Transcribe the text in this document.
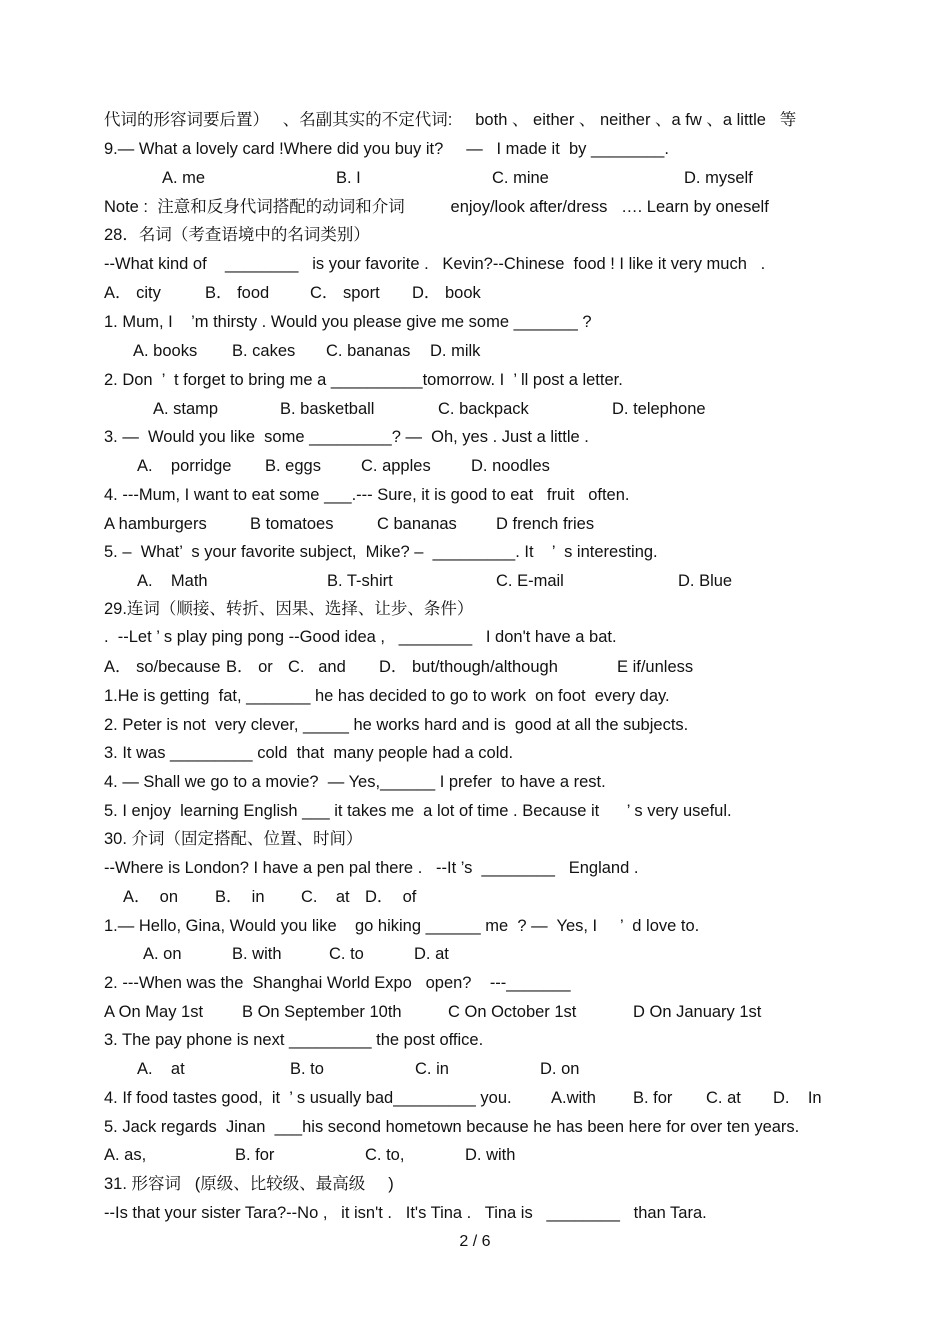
代词的形容词要后置）   、名副其实的不定代词:     both 、 either 、 neither 、a fw 、a little   等
9.— What a lovely card !Where did you buy it?     —   I made it  by ________.
A. me	B. I	C. mine	D. myself
Note :  注意和反身代词搭配的动词和介词          enjoy/look after/dress   …. Learn by oneself
28．名词（考查语境中的名词类别）
--What kind of    ________   is your favorite .   Kevin?--Chinese  food ! I like it very much   .
A． city	B． food C． sport D． book
1. Mum, I    ’m thirsty . Would you please give me some _______ ?
A. books B. cakes C. bananas D. milk
2. Don  ’  t forget to bring me a __________tomorrow. I  ’ ll post a letter.
A. stamp	B. basketball	C. backpack	D. telephone
3. —  Would you like  some _________? —  Oh, yes . Just a little .
A.    porridge B. eggs C. apples D. noodles
4. ---Mum, I want to eat some ___.--- Sure, it is good to eat   fruit   often.
A hamburgers	B tomatoes	C bananas D french fries
5. –  What’  s your favorite subject,  Mike? –  _________. It    ’  s interesting.
A.    Math	B. T-shirt	C. E-mail	D. Blue
29.连词（顺接、转折、因果、选择、让步、条件）
.  --Let ’ s play ping pong --Good idea ,   ________   I don't have a bat.
A． so/because B． or C.   and D． but/though/although	E if/unless
1.He is getting  fat, _______ he has decided to go to work  on foot  every day.
2. Peter is not  very clever, _____ he works hard and is  good at all the subjects.
3. It was _________ cold  that  many people had a cold.
4. — Shall we go to a movie?  — Yes,______ I prefer  to have a rest.
5. I enjoy  learning English ___ it takes me  a lot of time . Because it      ’ s very useful.
30. 介词（固定搭配、位置、时间）
--Where is London? I have a pen pal there .   --It ’s  ________   England .
A．  on B．  in C.    at D．  of
1.— Hello, Gina, Would you like    go hiking ______ me  ? —  Yes, I     ’  d love to.
A. on	B. with	C. to	D. at
2. ---When was the  Shanghai World Expo   open?    ---_______
A On May 1st B On September 10th	C On October 1st	D On January 1st
3. The pay phone is next _________ the post office.
A.    at	B. to	C. in	D. on
4. If food tastes good,  it  ’ s usually bad_________ you. A.with B. for C. at D.    In
5. Jack regards  Jinan  ___his second hometown because he has been here for over ten years.
A. as,	B. for	C. to,	D. with
31. 形容词   (原级、比较级、最高级     )
--Is that your sister Tara?--No ,   it isn't .   It's Tina .   Tina is   ________   than Tara.
2 / 6
